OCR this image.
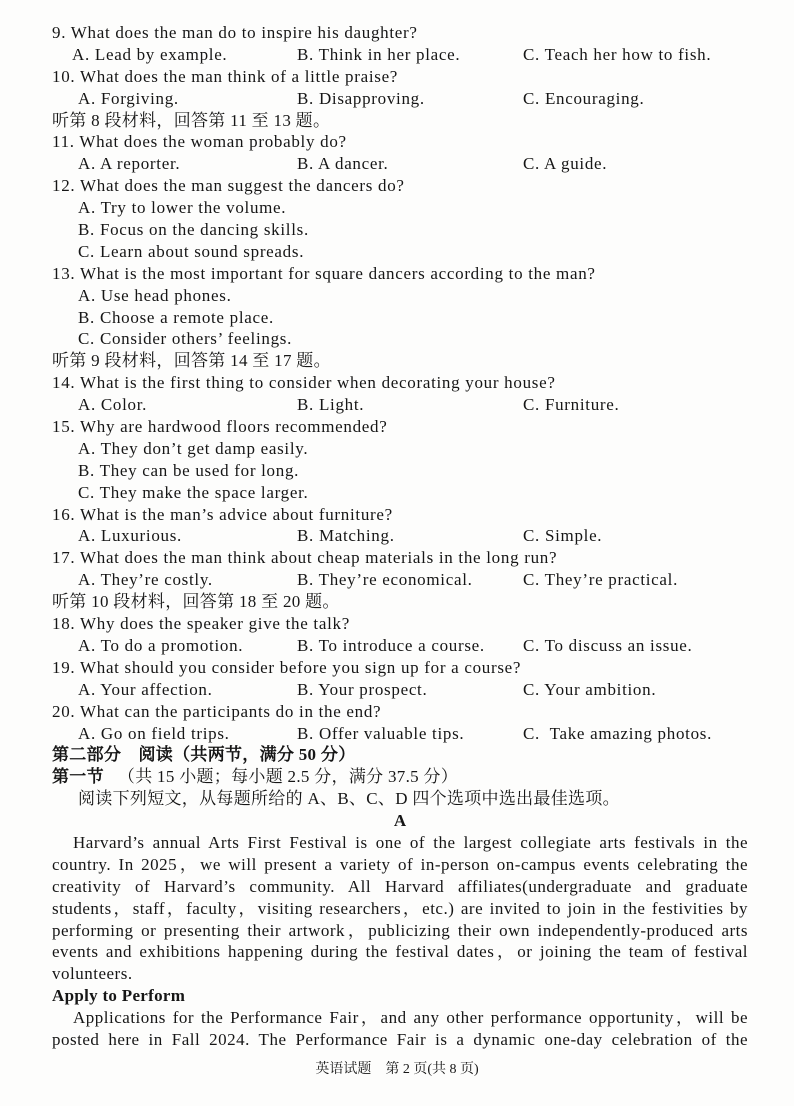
9. What does the man do to inspire his daughter?
A. Lead by example.	B. Think in her place.	C. Teach her how to fish.
10. What does the man think of a little praise?
A. Forgiving.	B. Disapproving.	C. Encouraging.
听第 8 段材料，回答第 11 至 13 题。
11. What does the woman probably do?
A. A reporter.	B. A dancer.	C. A guide.
12. What does the man suggest the dancers do?
A. Try to lower the volume.
B. Focus on the dancing skills.
C. Learn about sound spreads.
13. What is the most important for square dancers according to the man?
A. Use head phones.
B. Choose a remote place.
C. Consider others’ feelings.
听第 9 段材料，回答第 14 至 17 题。
14. What is the first thing to consider when decorating your house?
A. Color.	B. Light.	C. Furniture.
15. Why are hardwood floors recommended?
A. They don’t get damp easily.
B. They can be used for long.
C. They make the space larger.
16. What is the man’s advice about furniture?
A. Luxurious.	B. Matching.	C. Simple.
17. What does the man think about cheap materials in the long run?
A. They’re costly.	B. They’re economical.	C. They’re practical.
听第 10 段材料，回答第 18 至 20 题。
18. Why does the speaker give the talk?
A. To do a promotion.	B. To introduce a course. C. To discuss an issue.
19. What should you consider before you sign up for a course?
A. Your affection.	B. Your prospect.	C. Your ambition.
20. What can the participants do in the end?
A. Go on field trips.	B. Offer valuable tips.	C.  Take amazing photos.
第二部分　阅读（共两节，满分 50 分）
第一节 （共 15 小题；每小题 2.5 分，满分 37.5 分）
阅读下列短文，从每题所给的 A、B、C、D 四个选项中选出最佳选项。
A
Harvard’s annual Arts First Festival is one of the largest collegiate arts festivals in the
country. In 2025，we will present a variety of in-person on-campus events celebrating the
creativity of Harvard’s community. All Harvard affiliates(undergraduate and graduate
students，staff，faculty，visiting researchers，etc.) are invited to join in the festivities by
performing or presenting their artwork，publicizing their own independently-produced arts
events and exhibitions happening during the festival dates，or joining the team of festival
volunteers.
Apply to Perform
Applications for the Performance Fair，and any other performance opportunity，will be
posted here in Fall 2024. The Performance Fair is a dynamic one-day celebration of the
英语试题　第 2 页(共 8 页)
